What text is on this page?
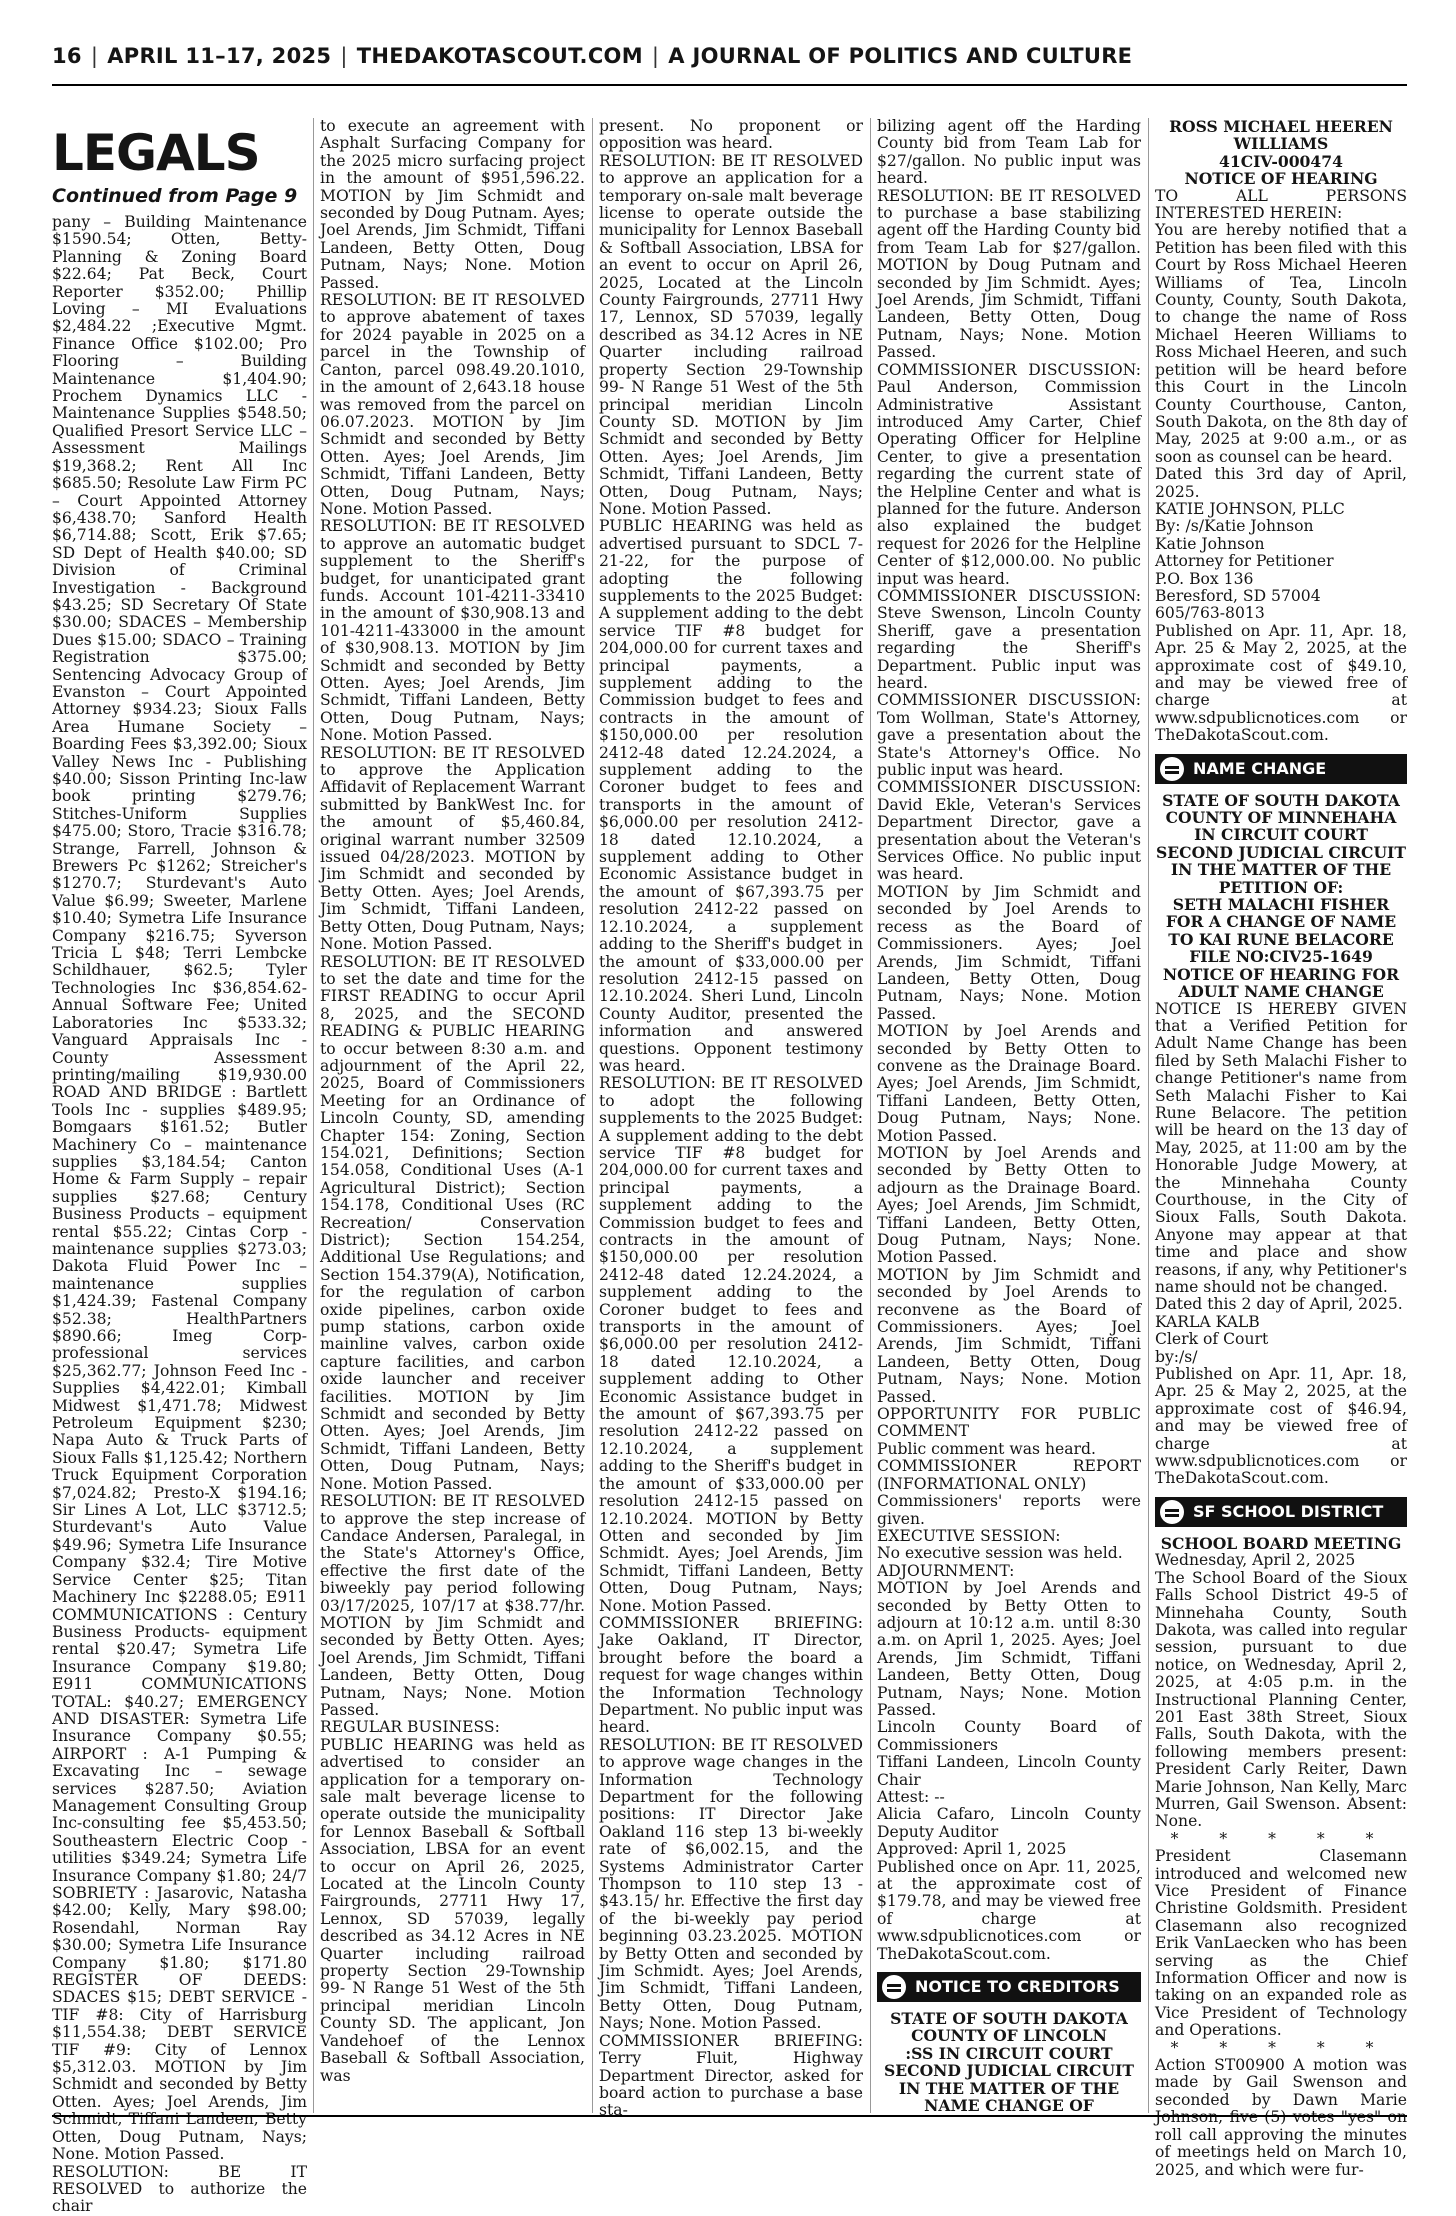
16 | APRIL 11–17, 2025 | THEDAKOTASCOUT.COM | A JOURNAL OF POLITICS AND CULTURE
LEGALS
Continued from Page 9

pany – Building Maintenance $1590.54; Otten, Betty-Planning & Zoning Board $22.64; Pat Beck, Court Reporter $352.00; Phillip Loving – MI Evaluations $2,484.22 ;Executive Mgmt. Finance Office $102.00; Pro Flooring – Building Maintenance $1,404.90; Prochem Dynamics LLC -Maintenance Supplies $548.50; Qualified Presort Service LLC – Assessment Mailings $19,368.2; Rent All Inc $685.50; Resolute Law Firm PC – Court Appointed Attorney $6,438.70; Sanford Health $6,714.88; Scott, Erik $7.65; SD Dept of Health $40.00; SD Division of Criminal Investigation - Background $43.25; SD Secretary Of State $30.00; SDACES – Membership Dues $15.00; SDACO – Training Registration $375.00; Sentencing Advocacy Group of Evanston – Court Appointed Attorney $934.23; Sioux Falls Area Humane Society – Boarding Fees $3,392.00; Sioux Valley News Inc - Publishing $40.00; Sisson Printing Inc-law book printing $279.76; Stitches-Uniform Supplies $475.00; Storo, Tracie $316.78; Strange, Farrell, Johnson & Brewers Pc $1262; Streicher's $1270.7; Sturdevant's Auto Value $6.99; Sweeter, Marlene $10.40; Symetra Life Insurance Company $216.75; Syverson Tricia L $48; Terri Lembcke Schildhauer, $62.5; Tyler Technologies Inc $36,854.62-Annual Software Fee; United Laboratories Inc $533.32; Vanguard Appraisals Inc -County Assessment printing/mailing $19,930.00 ROAD AND BRIDGE : Bartlett Tools Inc - supplies $489.95; Bomgaars $161.52; Butler Machinery Co – maintenance supplies $3,184.54; Canton Home & Farm Supply – repair supplies $27.68; Century Business Products – equipment rental $55.22; Cintas Corp - maintenance supplies $273.03; Dakota Fluid Power Inc – maintenance supplies $1,424.39; Fastenal Company $52.38; HealthPartners $890.66; Imeg Corp- professional services $25,362.77; Johnson Feed Inc -Supplies $4,422.01; Kimball Midwest $1,471.78; Midwest Petroleum Equipment $230; Napa Auto & Truck Parts of Sioux Falls $1,125.42; Northern Truck Equipment Corporation $7,024.82; Presto-X $194.16; Sir Lines A Lot, LLC $3712.5; Sturdevant's Auto Value $49.96; Symetra Life Insurance Company $32.4; Tire Motive Service Center $25; Titan Machinery Inc $2288.05; E911 COMMUNICATIONS : Century Business Products- equipment rental $20.47; Symetra Life Insurance Company $19.80; E911 COMMUNICATIONS TOTAL: $40.27; EMERGENCY AND DISASTER: Symetra Life Insurance Company $0.55; AIRPORT : A-1 Pumping & Excavating Inc – sewage services $287.50; Aviation Management Consulting Group Inc-consulting fee $5,453.50; Southeastern Electric Coop - utilities $349.24; Symetra Life Insurance Company $1.80; 24/7 SOBRIETY : Jasarovic, Natasha $42.00; Kelly, Mary $98.00; Rosendahl, Norman Ray $30.00; Symetra Life Insurance Company $1.80; $171.80 REGISTER OF DEEDS: SDACES $15; DEBT SERVICE - TIF #8: City of Harrisburg $11,554.38; DEBT SERVICE TIF #9: City of Lennox $5,312.03. MOTION by Jim Schmidt and seconded by Betty Otten. Ayes; Joel Arends, Jim Schmidt, Tiffani Landeen, Betty Otten, Doug Putnam, Nays; None. Motion Passed.
RESOLUTION: BE IT RESOLVED to authorize the chair

to execute an agreement with Asphalt Surfacing Company for the 2025 micro surfacing project in the amount of $951,596.22. MOTION by Jim Schmidt and seconded by Doug Putnam. Ayes; Joel Arends, Jim Schmidt, Tiffani Landeen, Betty Otten, Doug Putnam, Nays; None. Motion Passed.
RESOLUTION: BE IT RESOLVED to approve abatement of taxes for 2024 payable in 2025 on a parcel in the Township of Canton, parcel 098.49.20.1010, in the amount of 2,643.18 house was removed from the parcel on 06.07.2023. MOTION by Jim Schmidt and seconded by Betty Otten. Ayes; Joel Arends, Jim Schmidt, Tiffani Landeen, Betty Otten, Doug Putnam, Nays; None. Motion Passed.
RESOLUTION: BE IT RESOLVED to approve an automatic budget supplement to the Sheriff's budget, for unanticipated grant funds. Account 101-4211-33410 in the amount of $30,908.13 and 101-4211-433000 in the amount of $30,908.13. MOTION by Jim Schmidt and seconded by Betty Otten. Ayes; Joel Arends, Jim Schmidt, Tiffani Landeen, Betty Otten, Doug Putnam, Nays; None. Motion Passed.
RESOLUTION: BE IT RESOLVED to approve the Application Affidavit of Replacement Warrant submitted by BankWest Inc. for the amount of $5,460.84, original warrant number 32509 issued 04/28/2023. MOTION by Jim Schmidt and seconded by Betty Otten. Ayes; Joel Arends, Jim Schmidt, Tiffani Landeen, Betty Otten, Doug Putnam, Nays; None. Motion Passed.
RESOLUTION: BE IT RESOLVED to set the date and time for the FIRST READING to occur April 8, 2025, and the SECOND READING & PUBLIC HEARING to occur between 8:30 a.m. and adjournment of the April 22, 2025, Board of Commissioners Meeting for an Ordinance of Lincoln County, SD, amending Chapter 154: Zoning, Section 154.021, Definitions; Section 154.058, Conditional Uses (A-1 Agricultural District); Section 154.178, Conditional Uses (RC Recreation/ Conservation District); Section 154.254, Additional Use Regulations; and Section 154.379(A), Notification, for the regulation of carbon oxide pipelines, carbon oxide pump stations, carbon oxide mainline valves, carbon oxide capture facilities, and carbon oxide launcher and receiver facilities. MOTION by Jim Schmidt and seconded by Betty Otten. Ayes; Joel Arends, Jim Schmidt, Tiffani Landeen, Betty Otten, Doug Putnam, Nays; None. Motion Passed.
RESOLUTION: BE IT RESOLVED to approve the step increase of Candace Andersen, Paralegal, in the State's Attorney's Office, effective the first date of the biweekly pay period following 03/17/2025, 107/17 at $38.77/hr. MOTION by Jim Schmidt and seconded by Betty Otten. Ayes; Joel Arends, Jim Schmidt, Tiffani Landeen, Betty Otten, Doug Putnam, Nays; None. Motion Passed.
REGULAR BUSINESS:
PUBLIC HEARING was held as advertised to consider an application for a temporary on-sale malt beverage license to operate outside the municipality for Lennox Baseball & Softball Association, LBSA for an event to occur on April 26, 2025, Located at the Lincoln County Fairgrounds, 27711 Hwy 17, Lennox, SD 57039, legally described as 34.12 Acres in NE Quarter including railroad property Section 29-Township 99- N Range 51 West of the 5th principal meridian Lincoln County SD. The applicant, Jon Vandehoef of the Lennox Baseball & Softball Association, was

present. No proponent or opposition was heard.
RESOLUTION: BE IT RESOLVED to approve an application for a temporary on-sale malt beverage license to operate outside the municipality for Lennox Baseball & Softball Association, LBSA for an event to occur on April 26, 2025, Located at the Lincoln County Fairgrounds, 27711 Hwy 17, Lennox, SD 57039, legally described as 34.12 Acres in NE Quarter including railroad property Section 29-Township 99- N Range 51 West of the 5th principal meridian Lincoln County SD. MOTION by Jim Schmidt and seconded by Betty Otten. Ayes; Joel Arends, Jim Schmidt, Tiffani Landeen, Betty Otten, Doug Putnam, Nays; None. Motion Passed.
PUBLIC HEARING was held as advertised pursuant to SDCL 7-21-22, for the purpose of adopting the following supplements to the 2025 Budget: A supplement adding to the debt service TIF #8 budget for 204,000.00 for current taxes and principal payments, a supplement adding to the Commission budget to fees and contracts in the amount of $150,000.00 per resolution 2412-48 dated 12.24.2024, a supplement adding to the Coroner budget to fees and transports in the amount of $6,000.00 per resolution 2412-18 dated 12.10.2024, a supplement adding to Other Economic Assistance budget in the amount of $67,393.75 per resolution 2412-22 passed on 12.10.2024, a supplement adding to the Sheriff's budget in the amount of $33,000.00 per resolution 2412-15 passed on 12.10.2024. Sheri Lund, Lincoln County Auditor, presented the information and answered questions. Opponent testimony was heard.
RESOLUTION: BE IT RESOLVED to adopt the following supplements to the 2025 Budget: A supplement adding to the debt service TIF #8 budget for 204,000.00 for current taxes and principal payments, a supplement adding to the Commission budget to fees and contracts in the amount of $150,000.00 per resolution 2412-48 dated 12.24.2024, a supplement adding to the Coroner budget to fees and transports in the amount of $6,000.00 per resolution 2412-18 dated 12.10.2024, a supplement adding to Other Economic Assistance budget in the amount of $67,393.75 per resolution 2412-22 passed on 12.10.2024, a supplement adding to the Sheriff's budget in the amount of $33,000.00 per resolution 2412-15 passed on 12.10.2024. MOTION by Betty Otten and seconded by Jim Schmidt. Ayes; Joel Arends, Jim Schmidt, Tiffani Landeen, Betty Otten, Doug Putnam, Nays; None. Motion Passed.
COMMISSIONER BRIEFING: Jake Oakland, IT Director, brought before the board a request for wage changes within the Information Technology Department. No public input was heard.
RESOLUTION: BE IT RESOLVED to approve wage changes in the Information Technology Department for the following positions: IT Director Jake Oakland 116 step 13 bi-weekly rate of $6,002.15, and the Systems Administrator Carter Thompson to 110 step 13 - $43.15/ hr. Effective the first day of the bi-weekly pay period beginning 03.23.2025. MOTION by Betty Otten and seconded by Jim Schmidt. Ayes; Joel Arends, Jim Schmidt, Tiffani Landeen, Betty Otten, Doug Putnam, Nays; None. Motion Passed.
COMMISSIONER BRIEFING: Terry Fluit, Highway Department Director, asked for board action to purchase a base sta-

bilizing agent off the Harding County bid from Team Lab for $27/gallon. No public input was heard.
RESOLUTION: BE IT RESOLVED to purchase a base stabilizing agent off the Harding County bid from Team Lab for $27/gallon. MOTION by Doug Putnam and seconded by Jim Schmidt. Ayes; Joel Arends, Jim Schmidt, Tiffani Landeen, Betty Otten, Doug Putnam, Nays; None. Motion Passed.
COMMISSIONER DISCUSSION: Paul Anderson, Commission Administrative Assistant introduced Amy Carter, Chief Operating Officer for Helpline Center, to give a presentation regarding the current state of the Helpline Center and what is planned for the future. Anderson also explained the budget request for 2026 for the Helpline Center of $12,000.00. No public input was heard.
COMMISSIONER DISCUSSION: Steve Swenson, Lincoln County Sheriff, gave a presentation regarding the Sheriff's Department. Public input was heard.
COMMISSIONER DISCUSSION: Tom Wollman, State's Attorney, gave a presentation about the State's Attorney's Office. No public input was heard.
COMMISSIONER DISCUSSION: David Ekle, Veteran's Services Department Director, gave a presentation about the Veteran's Services Office. No public input was heard.
MOTION by Jim Schmidt and seconded by Joel Arends to recess as the Board of Commissioners. Ayes; Joel Arends, Jim Schmidt, Tiffani Landeen, Betty Otten, Doug Putnam, Nays; None. Motion Passed.
MOTION by Joel Arends and seconded by Betty Otten to convene as the Drainage Board. Ayes; Joel Arends, Jim Schmidt, Tiffani Landeen, Betty Otten, Doug Putnam, Nays; None. Motion Passed.
MOTION by Joel Arends and seconded by Betty Otten to adjourn as the Drainage Board. Ayes; Joel Arends, Jim Schmidt, Tiffani Landeen, Betty Otten, Doug Putnam, Nays; None. Motion Passed.
MOTION by Jim Schmidt and seconded by Joel Arends to reconvene as the Board of Commissioners. Ayes; Joel Arends, Jim Schmidt, Tiffani Landeen, Betty Otten, Doug Putnam, Nays; None. Motion Passed.
OPPORTUNITY FOR PUBLIC COMMENT
Public comment was heard.
COMMISSIONER REPORT (INFORMATIONAL ONLY)
Commissioners' reports were given.
EXECUTIVE SESSION:
No executive session was held.
ADJOURNMENT:
MOTION by Joel Arends and seconded by Betty Otten to adjourn at 10:12 a.m. until 8:30 a.m. on April 1, 2025. Ayes; Joel Arends, Jim Schmidt, Tiffani Landeen, Betty Otten, Doug Putnam, Nays; None. Motion Passed.
Lincoln County Board of Commissioners
Tiffani Landeen, Lincoln County Chair
Attest: --
Alicia Cafaro, Lincoln County Deputy Auditor
Approved: April 1, 2025
Published once on Apr. 11, 2025, at the approximate cost of $179.78, and may be viewed free of charge at www.sdpublicnotices.com or TheDakotaScout.com.

NOTICE TO CREDITORS

STATE OF SOUTH DAKOTA
COUNTY OF LINCOLN
:SS IN CIRCUIT COURT
SECOND JUDICIAL CIRCUIT
IN THE MATTER OF THE
NAME CHANGE OF

ROSS MICHAEL HEEREN
WILLIAMS
41CIV-000474
NOTICE OF HEARING

TO ALL PERSONS INTERESTED HEREIN:
You are hereby notified that a Petition has been filed with this Court by Ross Michael Heeren Williams of Tea, Lincoln County, County, South Dakota, to change the name of Ross Michael Heeren Williams to Ross Michael Heeren, and such petition will be heard before this Court in the Lincoln County Courthouse, Canton, South Dakota, on the 8th day of May, 2025 at 9:00 a.m., or as soon as counsel can be heard.
Dated this 3rd day of April, 2025.
KATIE JOHNSON, PLLC
By: /s/Katie Johnson
Katie Johnson
Attorney for Petitioner
P.O. Box 136
Beresford, SD 57004
605/763-8013
Published on Apr. 11, Apr. 18, Apr. 25 & May 2, 2025, at the approximate cost of $49.10, and may be viewed free of charge at www.sdpublicnotices.com or TheDakotaScout.com.

NAME CHANGE

STATE OF SOUTH DAKOTA
COUNTY OF MINNEHAHA
IN CIRCUIT COURT
SECOND JUDICIAL CIRCUIT
IN THE MATTER OF THE
PETITION OF:
SETH MALACHI FISHER
FOR A CHANGE OF NAME
TO KAI RUNE BELACORE
FILE NO:CIV25-1649
NOTICE OF HEARING FOR
ADULT NAME CHANGE

NOTICE IS HEREBY GIVEN that a Verified Petition for Adult Name Change has been filed by Seth Malachi Fisher to change Petitioner's name from Seth Malachi Fisher to Kai Rune Belacore. The petition will be heard on the 13 day of May, 2025, at 11:00 am by the Honorable Judge Mowery, at the Minnehaha County Courthouse, in the City of Sioux Falls, South Dakota. Anyone may appear at that time and place and show reasons, if any, why Petitioner's name should not be changed.
Dated this 2 day of April, 2025.
KARLA KALB
Clerk of Court
by:/s/
Published on Apr. 11, Apr. 18, Apr. 25 & May 2, 2025, at the approximate cost of $46.94, and may be viewed free of charge at www.sdpublicnotices.com or TheDakotaScout.com.

SF SCHOOL DISTRICT

SCHOOL BOARD MEETING

Wednesday, April 2, 2025
The School Board of the Sioux Falls School District 49-5 of Minnehaha County, South Dakota, was called into regular session, pursuant to due notice, on Wednesday, April 2, 2025, at 4:05 p.m. in the Instructional Planning Center, 201 East 38th Street, Sioux Falls, South Dakota, with the following members present: President Carly Reiter, Dawn Marie Johnson, Nan Kelly, Marc Murren, Gail Swenson. Absent: None.

* * * * *

President Clasemann introduced and welcomed new Vice President of Finance Christine Goldsmith. President Clasemann also recognized Erik VanLaecken who has been serving as the Chief Information Officer and now is taking on an expanded role as Vice President of Technology and Operations.

* * * * *

Action ST00900 A motion was made by Gail Swenson and seconded by Dawn Marie Johnson, five (5) votes "yes" on roll call approving the minutes of meetings held on March 10, 2025, and which were fur-
